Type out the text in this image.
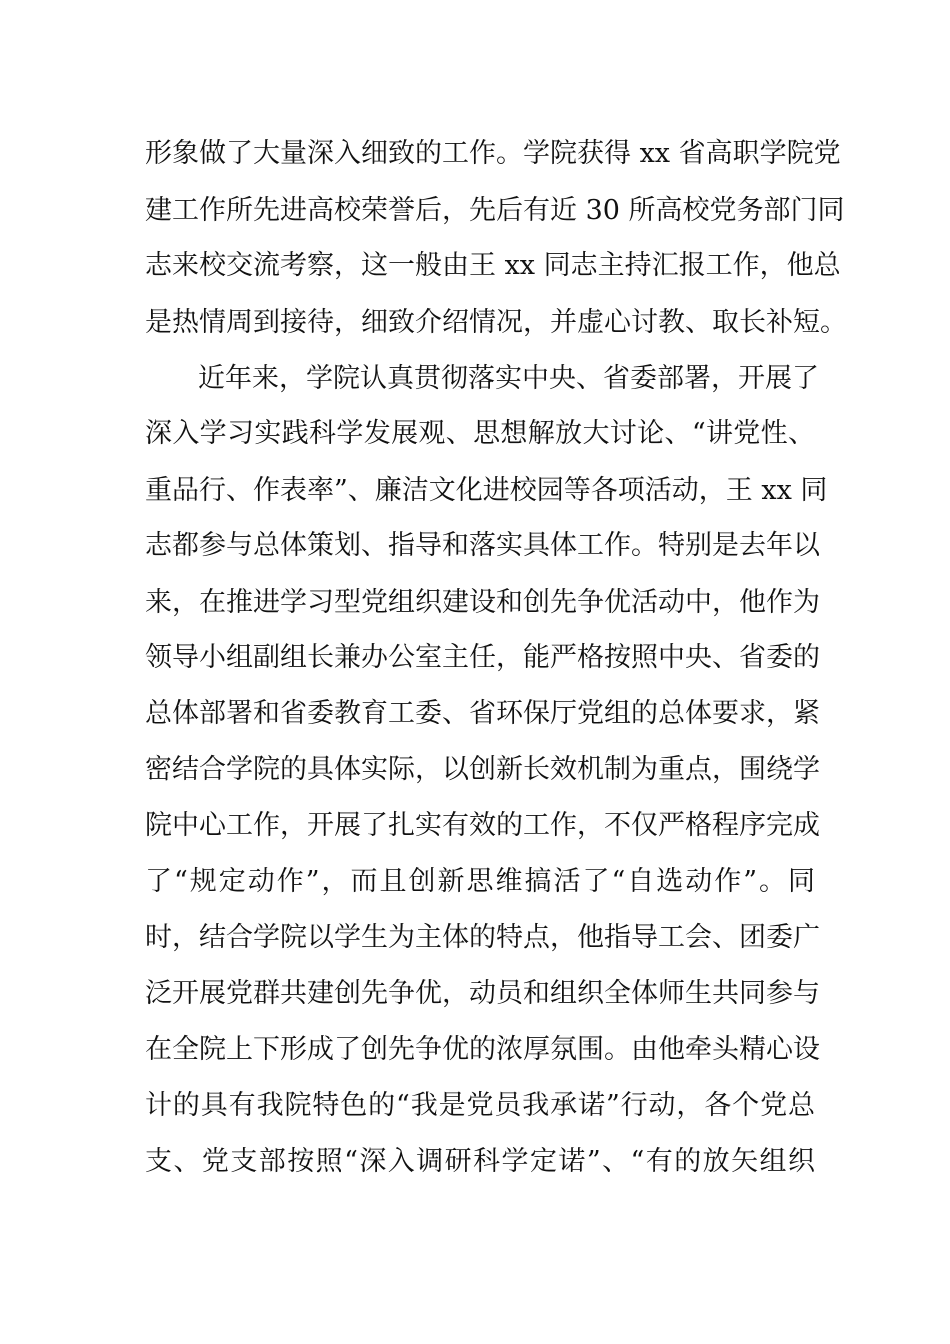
形象做了大量深入细致的工作。学院获得 xx 省高职学院党
建工作所先进高校荣誉后，先后有近 30 所高校党务部门同
志来校交流考察，这一般由王 xx 同志主持汇报工作，他总
是热情周到接待，细致介绍情况，并虚心讨教、取长补短。
近年来，学院认真贯彻落实中央、省委部署，开展了
深入学习实践科学发展观、思想解放大讨论、“讲党性、
重品行、作表率”、廉洁文化进校园等各项活动，王 xx 同
志都参与总体策划、指导和落实具体工作。特别是去年以
来，在推进学习型党组织建设和创先争优活动中，他作为
领导小组副组长兼办公室主任，能严格按照中央、省委的
总体部署和省委教育工委、省环保厅党组的总体要求，紧
密结合学院的具体实际，以创新长效机制为重点，围绕学
院中心工作，开展了扎实有效的工作，不仅严格程序完成
了“规定动作”，而且创新思维搞活了“自选动作”。同
时，结合学院以学生为主体的特点，他指导工会、团委广
泛开展党群共建创先争优，动员和组织全体师生共同参与
在全院上下形成了创先争优的浓厚氛围。由他牵头精心设
计的具有我院特色的“我是党员我承诺”行动，各个党总
支、党支部按照“深入调研科学定诺”、“有的放矢组织
